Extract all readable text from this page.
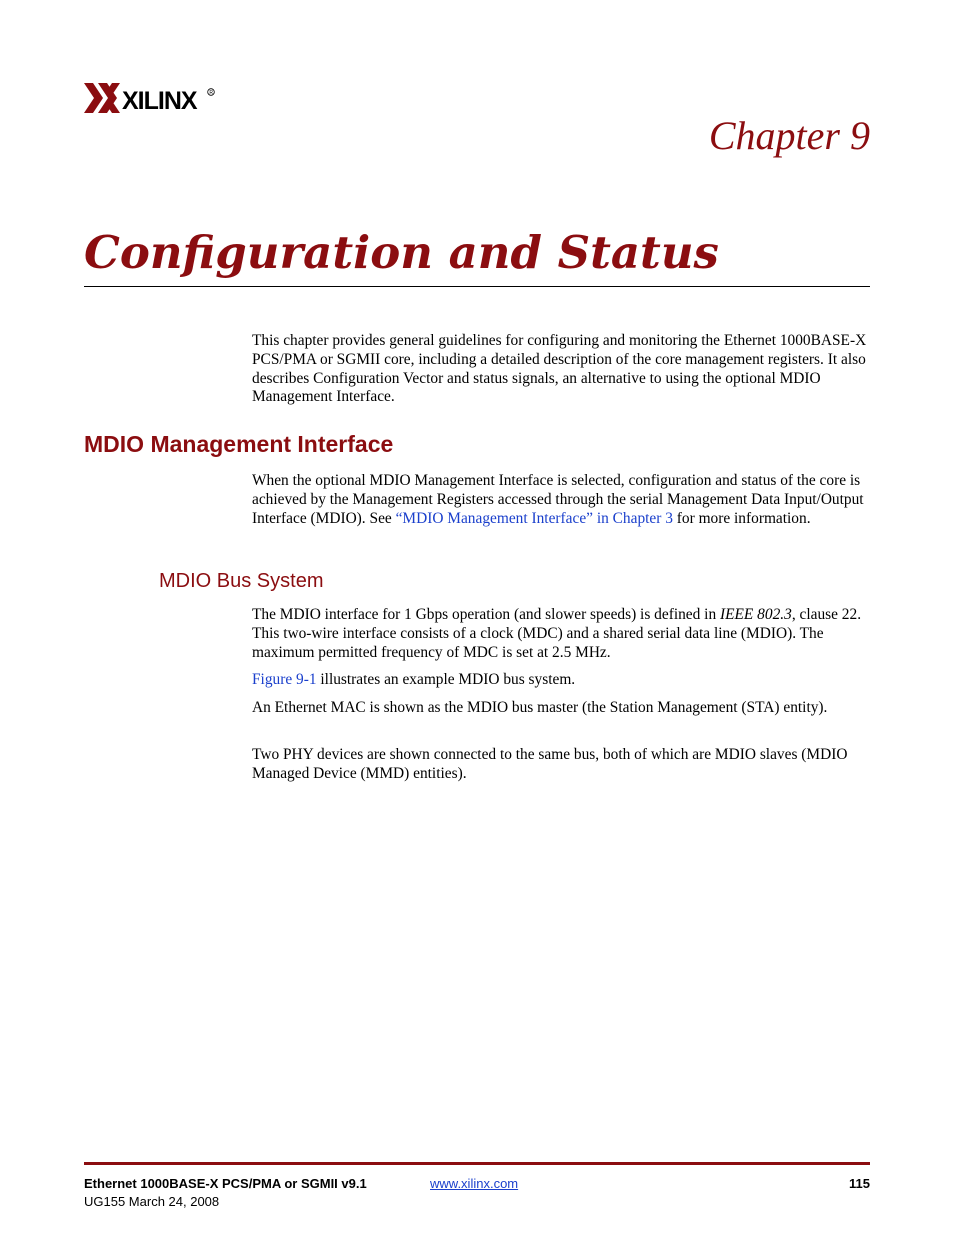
XILINX	R
Chapter 9
Configuration and Status

This chapter provides general guidelines for configuring and monitoring the Ethernet 1000BASE-X PCS/PMA or SGMII core, including a detailed description of the core management registers. It also describes Configuration Vector and status signals, an alternative to using the optional MDIO Management Interface.

MDIO Management Interface

When the optional MDIO Management Interface is selected, configuration and status of the core is achieved by the Management Registers accessed through the serial Management Data Input/Output Interface (MDIO). See “MDIO Management Interface” in Chapter 3 for more information.

MDIO Bus System

The MDIO interface for 1 Gbps operation (and slower speeds) is defined in IEEE 802.3, clause 22. This two-wire interface consists of a clock (MDC) and a shared serial data line (MDIO). The maximum permitted frequency of MDC is set at 2.5 MHz.

Figure 9-1 illustrates an example MDIO bus system.

An Ethernet MAC is shown as the MDIO bus master (the Station Management (STA) entity).

Two PHY devices are shown connected to the same bus, both of which are MDIO slaves (MDIO Managed Device (MMD) entities).

Ethernet 1000BASE-X PCS/PMA or SGMII v9.1
UG155 March 24, 2008
www.xilinx.com	115
